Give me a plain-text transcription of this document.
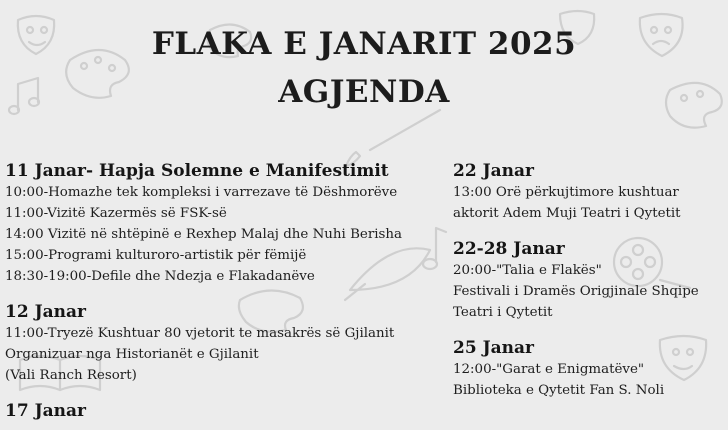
FLAKA E JANARIT 2025
AGJENDA

11 Janar- Hapja Solemne e Manifestimit

10:00-Homazhe tek kompleksi i varrezave të Dëshmorëve

11:00-Vizitë Kazermës së FSK-së

14:00 Vizitë në shtëpinë e Rexhep Malaj dhe Nuhi Berisha

15:00-Programi kulturoro-artistik për fëmijë

18:30-19:00-Defile dhe Ndezja e Flakadanëve

12 Janar

11:00-Tryezë Kushtuar 80 vjetorit te masakrës së Gjilanit

Organizuar nga Historianët e Gjilanit

(Vali Ranch Resort)

17 Janar

22 Janar

13:00 Orë përkujtimore kushtuar

aktorit Adem Muji Teatri i Qytetit

22-28 Janar

20:00-"Talia e Flakës"

Festivali i Dramës Origjinale Shqipe

Teatri i Qytetit

25 Janar

12:00-"Garat e Enigmatëve"

Biblioteka e Qytetit Fan S. Noli
